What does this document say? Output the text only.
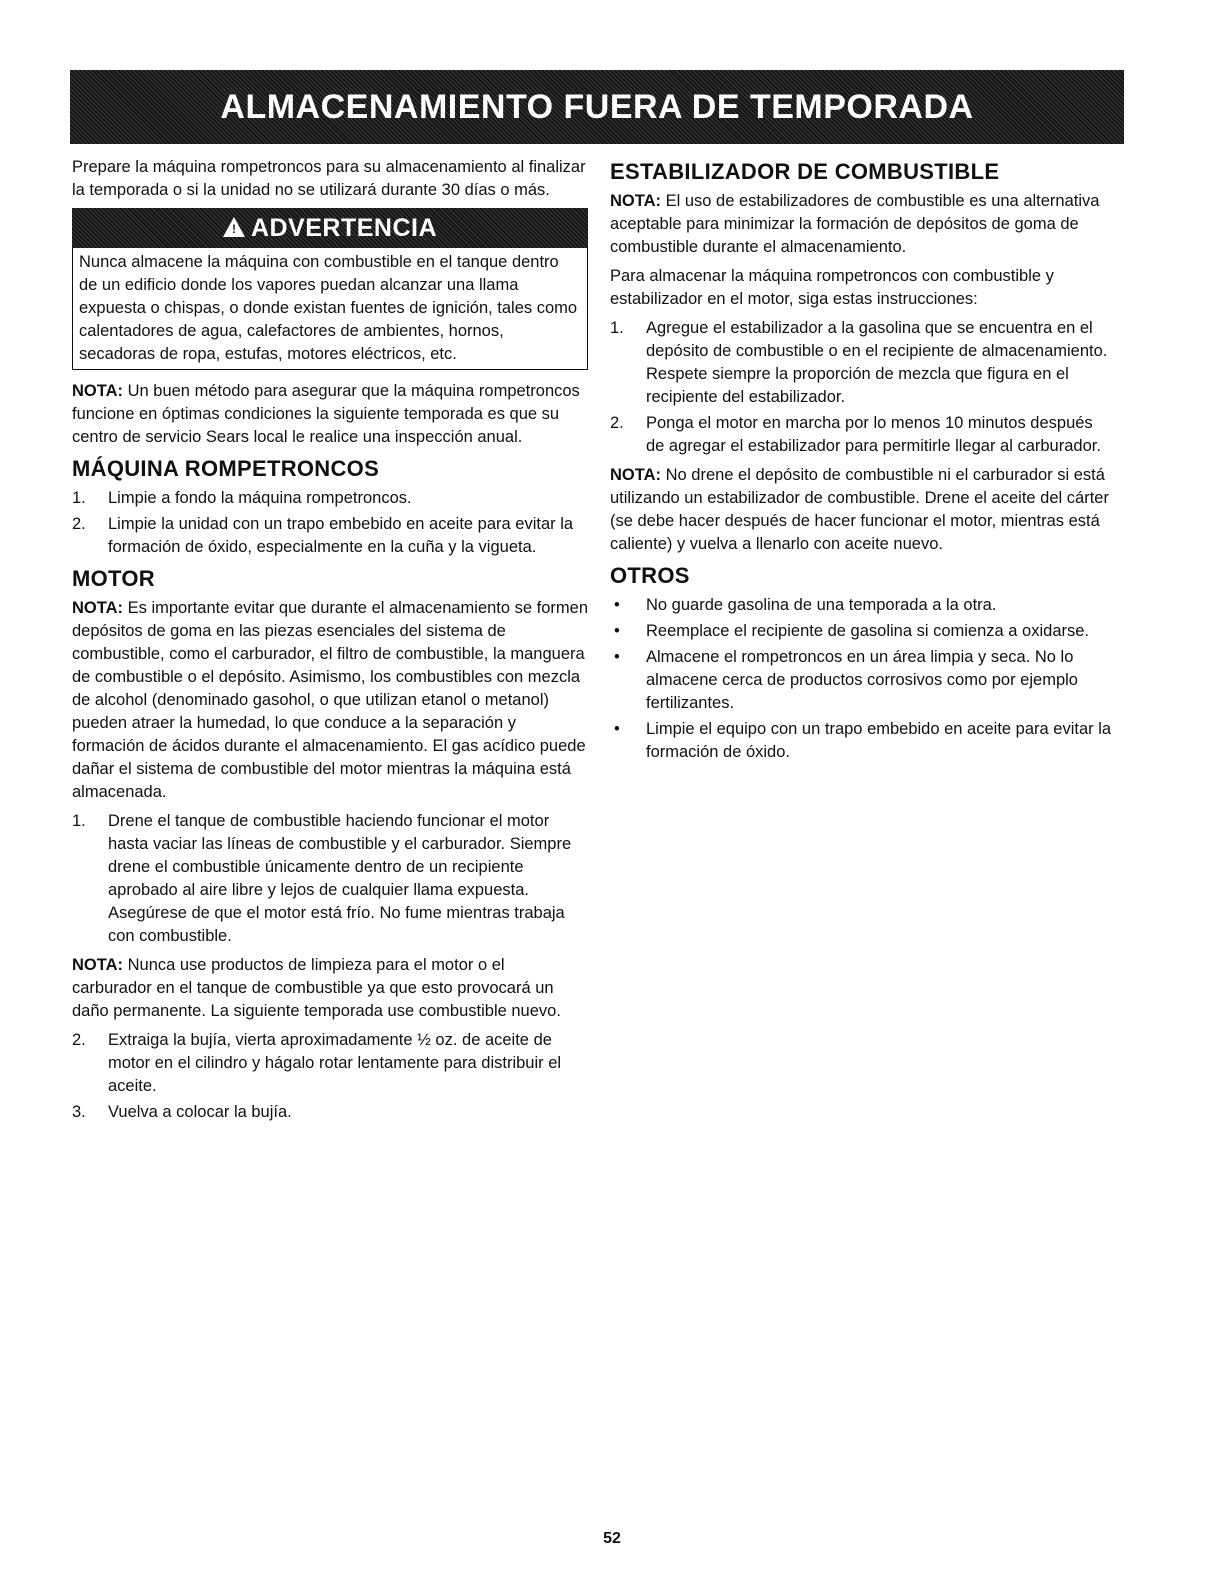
ALMACENAMIENTO FUERA DE TEMPORADA

Prepare la máquina rompetroncos para su almacenamiento al finalizar la temporada o si la unidad no se utilizará durante 30 días o más.

! ADVERTENCIA
Nunca almacene la máquina con combustible en el tanque dentro de un edificio donde los vapores puedan alcanzar una llama expuesta o chispas, o donde existan fuentes de ignición, tales como calentadores de agua, calefactores de ambientes, hornos, secadoras de ropa, estufas, motores eléctricos, etc.

NOTA: Un buen método para asegurar que la máquina rompetroncos funcione en óptimas condiciones la siguiente temporada es que su centro de servicio Sears local le realice una inspección anual.

MÁQUINA ROMPETRONCOS
1. Limpie a fondo la máquina rompetroncos.
2. Limpie la unidad con un trapo embebido en aceite para evitar la formación de óxido, especialmente en la cuña y la vigueta.
MOTOR

NOTA: Es importante evitar que durante el almacenamiento se formen depósitos de goma en las piezas esenciales del sistema de combustible, como el carburador, el filtro de combustible, la manguera de combustible o el depósito. Asimismo, los combustibles con mezcla de alcohol (denominado gasohol, o que utilizan etanol o metanol) pueden atraer la humedad, lo que conduce a la separación y formación de ácidos durante el almacenamiento. El gas acídico puede dañar el sistema de combustible del motor mientras la máquina está almacenada.

1. Drene el tanque de combustible haciendo funcionar el motor hasta vaciar las líneas de combustible y el carburador. Siempre drene el combustible únicamente dentro de un recipiente aprobado al aire libre y lejos de cualquier llama expuesta. Asegúrese de que el motor está frío. No fume mientras trabaja con combustible.

NOTA: Nunca use productos de limpieza para el motor o el carburador en el tanque de combustible ya que esto provocará un daño permanente. La siguiente temporada use combustible nuevo.

2. Extraiga la bujía, vierta aproximadamente ½ oz. de aceite de motor en el cilindro y hágalo rotar lentamente para distribuir el aceite.
3. Vuelva a colocar la bujía.
ESTABILIZADOR DE COMBUSTIBLE

NOTA: El uso de estabilizadores de combustible es una alternativa aceptable para minimizar la formación de depósitos de goma de combustible durante el almacenamiento.

Para almacenar la máquina rompetroncos con combustible y estabilizador en el motor, siga estas instrucciones:

1. Agregue el estabilizador a la gasolina que se encuentra en el depósito de combustible o en el recipiente de almacenamiento. Respete siempre la proporción de mezcla que figura en el recipiente del estabilizador.
2. Ponga el motor en marcha por lo menos 10 minutos después de agregar el estabilizador para permitirle llegar al carburador.

NOTA: No drene el depósito de combustible ni el carburador si está utilizando un estabilizador de combustible. Drene el aceite del cárter (se debe hacer después de hacer funcionar el motor, mientras está caliente) y vuelva a llenarlo con aceite nuevo.

OTROS
• No guarde gasolina de una temporada a la otra.
• Reemplace el recipiente de gasolina si comienza a oxidarse.
• Almacene el rompetroncos en un área limpia y seca. No lo almacene cerca de productos corrosivos como por ejemplo fertilizantes.
• Limpie el equipo con un trapo embebido en aceite para evitar la formación de óxido.
52
